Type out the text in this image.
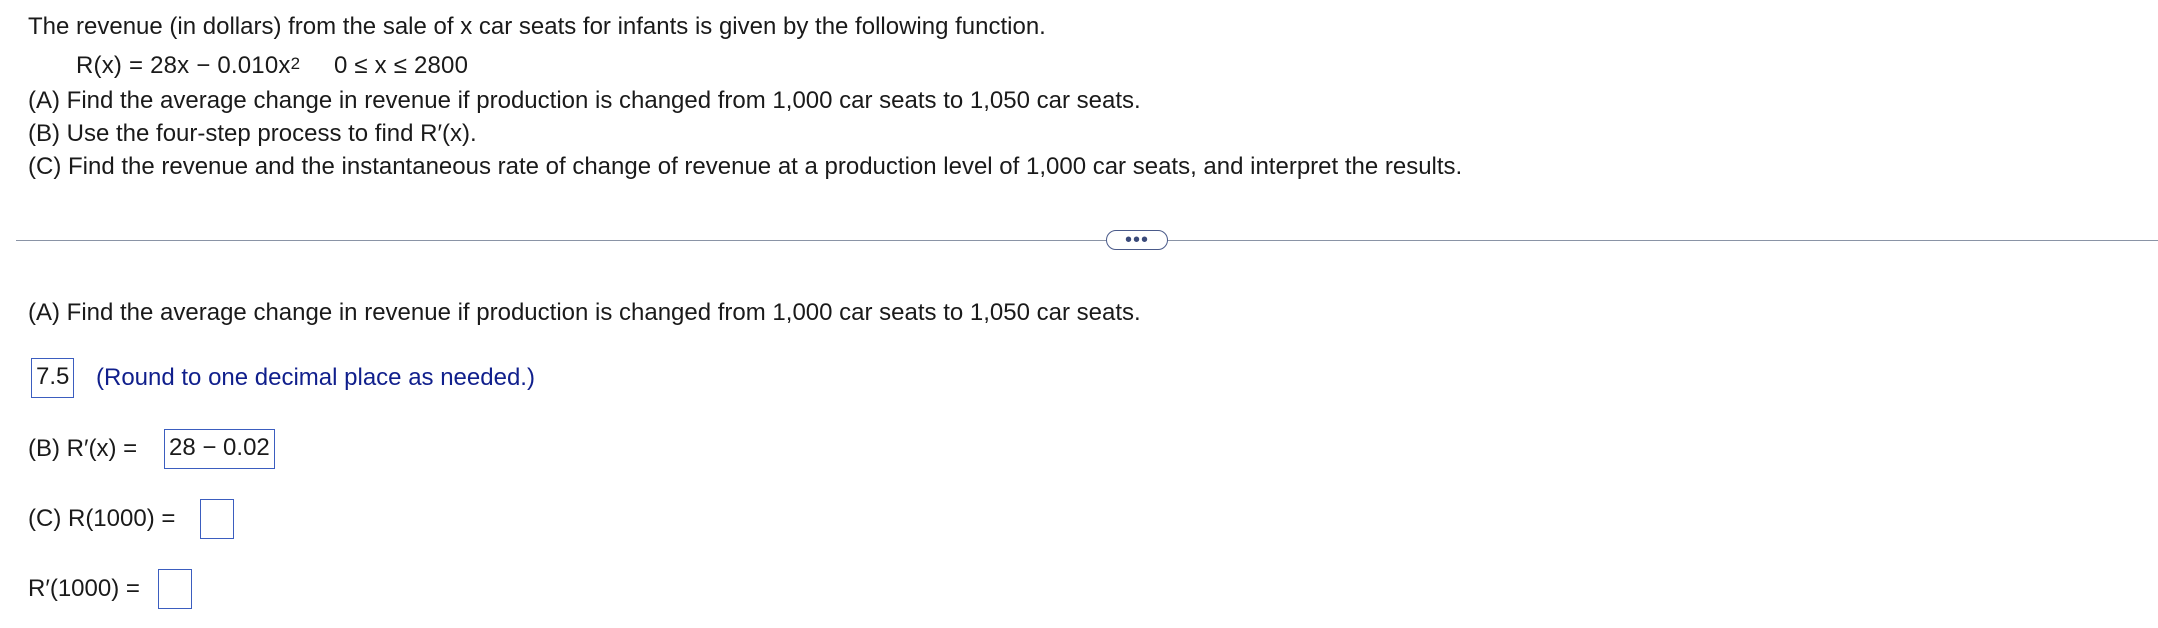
The revenue (in dollars) from the sale of x car seats for infants is given by the following function.
$R(x) = 28x - 0.010x^2$ 0 ≤ x ≤ 2800
(A) Find the average change in revenue if production is changed from 1,000 car seats to 1,050 car seats.
(B) Use the four-step process to find R′(x).
(C) Find the revenue and the instantaneous rate of change of revenue at a production level of 1,000 car seats, and interpret the results.
•••
(A) Find the average change in revenue if production is changed from 1,000 car seats to 1,050 car seats.
7.5 (Round to one decimal place as needed.)
(B) R′(x) = 28 − 0.02
(C) R(1000) =
R′(1000) =
